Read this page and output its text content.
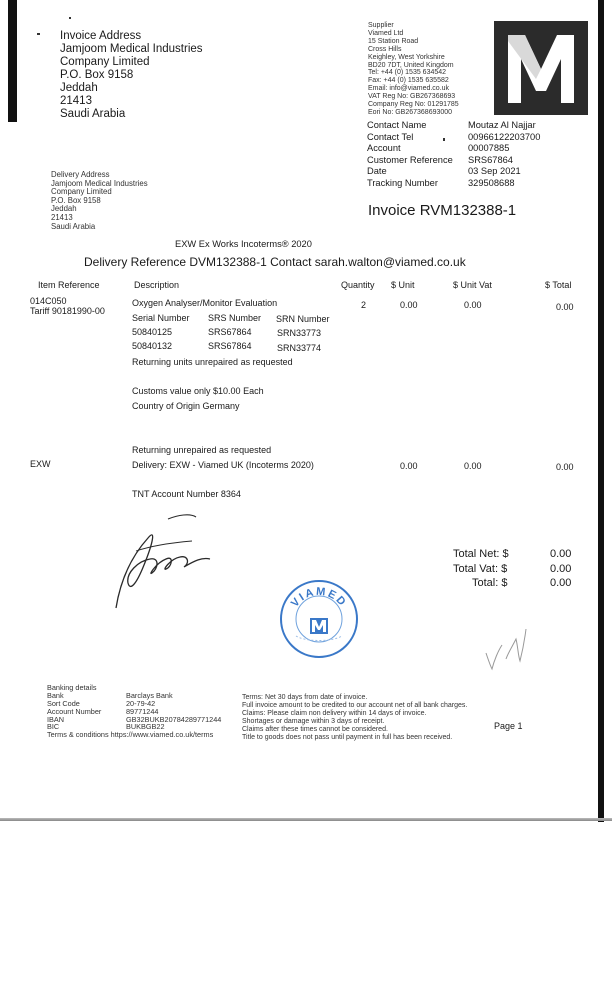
Invoice Address
Jamjoom Medical Industries
Company Limited
P.O. Box 9158
Jeddah
21413
Saudi Arabia
Supplier
Viamed Ltd
15 Station Road
Cross Hills
Keighley, West Yorkshire
BD20 7DT, United Kingdom
Tel: +44 (0) 1535 634542
Fax: +44 (0) 1535 635582
Email: info@viamed.co.uk
VAT Reg No: GB267368693
Company Reg No: 01291785
Eori No: GB267368693000
Contact Name	Moutaz Al Najjar
Contact Tel	00966122203700
Account	00007885
Customer Reference SRS67864
Date	03 Sep 2021
Tracking Number	329508688
Invoice RVM132388-1
Delivery Address
Jamjoom Medical Industries
Company Limited
P.O. Box 9158
Jeddah
21413
Saudi Arabia
EXW Ex Works Incoterms® 2020
Delivery Reference DVM132388-1 Contact sarah.walton@viamed.co.uk
Item Reference	Description	Quantity $ Unit	$ Unit Vat	$ Total
014C050
Tariff 90181990-00
Oxygen Analyser/Monitor Evaluation	2	0.00	0.00	0.00
Serial Number SRS Number SRN Number
50840125	SRS67864	SRN33773
50840132	SRS67864	SRN33774
Returning units unrepaired as requested
Customs value only $10.00 Each
Country of Origin Germany
Returning unrepaired as requested
EXW	Delivery: EXW - Viamed UK (Incoterms 2020)	0.00	0.00	0.00
TNT Account Number 8364
Total Net: $	0.00
Total Vat: $	0.00
Total: $	0.00
VIAMED
Banking details
Bank	Barclays Bank
Sort Code	20-79-42
Account Number	89771244
IBAN	GB32BUKB20784289771244
BIC	BUKBGB22
Terms & conditions https://www.viamed.co.uk/terms
Terms: Net 30 days from date of invoice.
Full invoice amount to be credited to our account net of all bank charges.
Claims: Please claim non delivery within 14 days of invoice.
Shortages or damage within 3 days of receipt.
Claims after these times cannot be considered.
Title to goods does not pass until payment in full has been received.
Page 1
